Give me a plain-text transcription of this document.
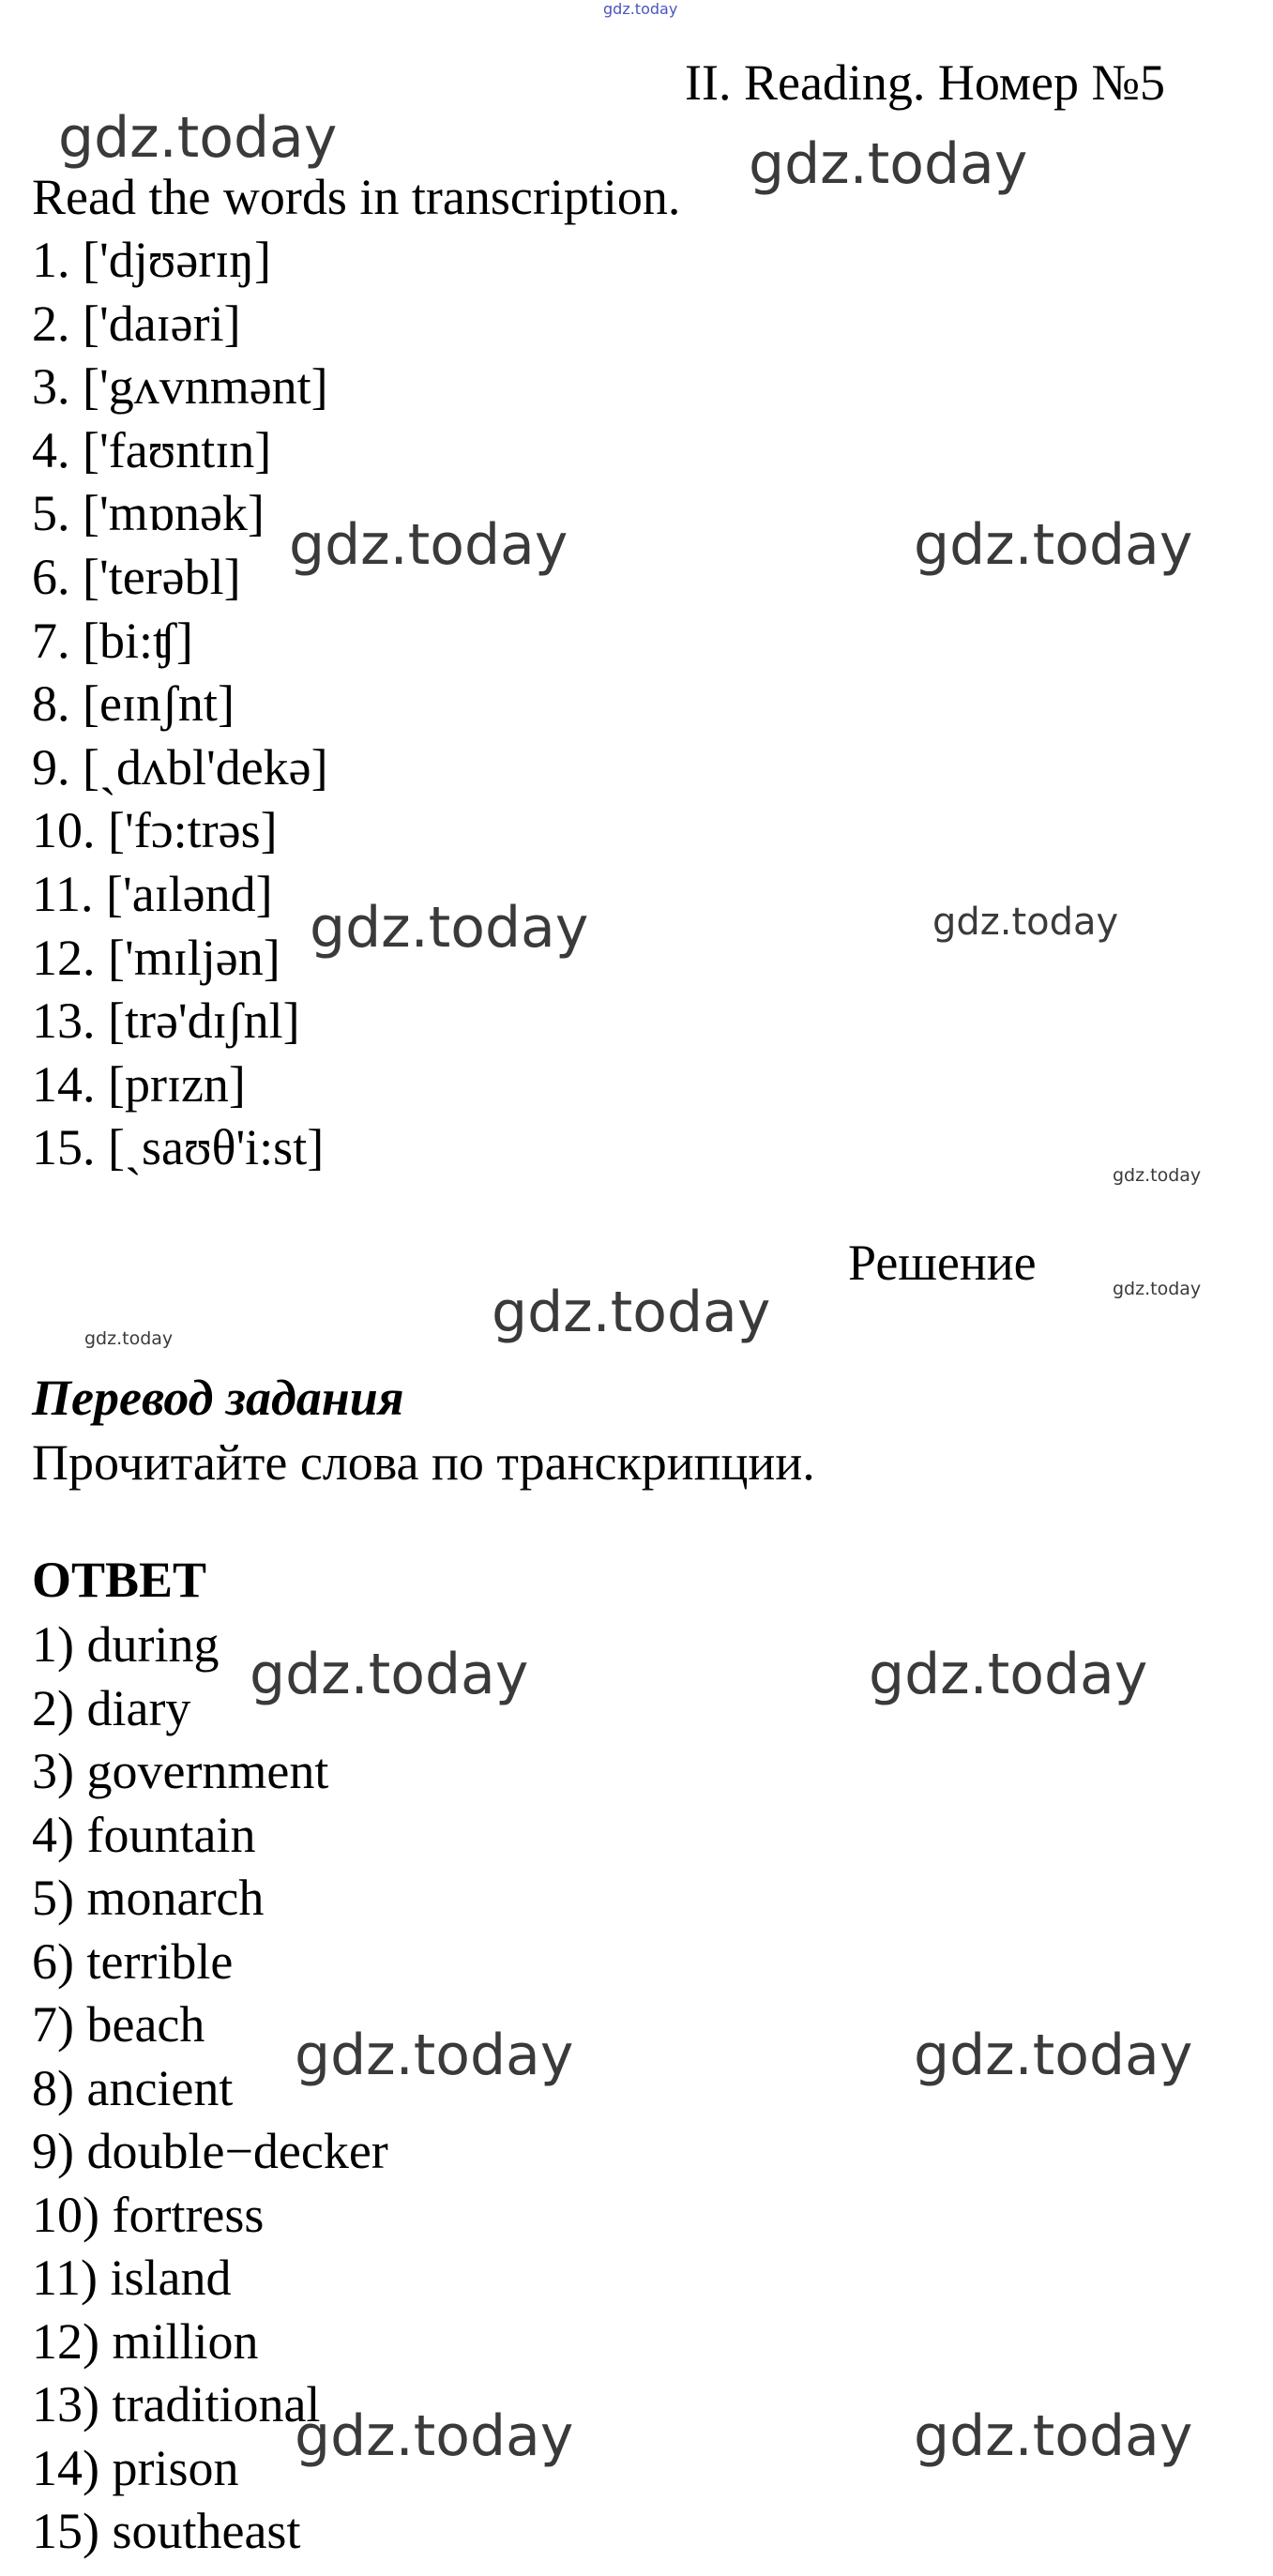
gdz.today
II. Reading. Номер №5
gdz.today	gdz.today
Read the words in transcription.
1. ['djʊərɪŋ]
2. ['daɪəri]
3. ['gʌvnmənt]
4. ['faʊntɪn]
5. ['mɒnək]
6. ['terəbl]
7. [bi:ʧ]
8. [eɪnʃnt]
9. [ˏdʌbl'dekə]
10. ['fɔ:trəs]
11. ['aɪlənd]
12. ['mɪljən]
13. [trə'dɪʃnl]
14. [prɪzn]
15. [ˏsaʊθ'i:st]
gdz.today	gdz.today
gdz.today	gdz.today
gdz.today
Решение	gdz.today
gdz.today
gdz.today
Перевод задания
Прочитайте слова по транскрипции.
ОТВЕТ
1) during
2) diary
3) government
4) fountain
5) monarch
6) terrible
7) beach
8) ancient
9) double−decker
10) fortress
11) island
12) million
13) traditional
14) prison
15) southeast
gdz.today	gdz.today
gdz.today	gdz.today
gdz.today	gdz.today
